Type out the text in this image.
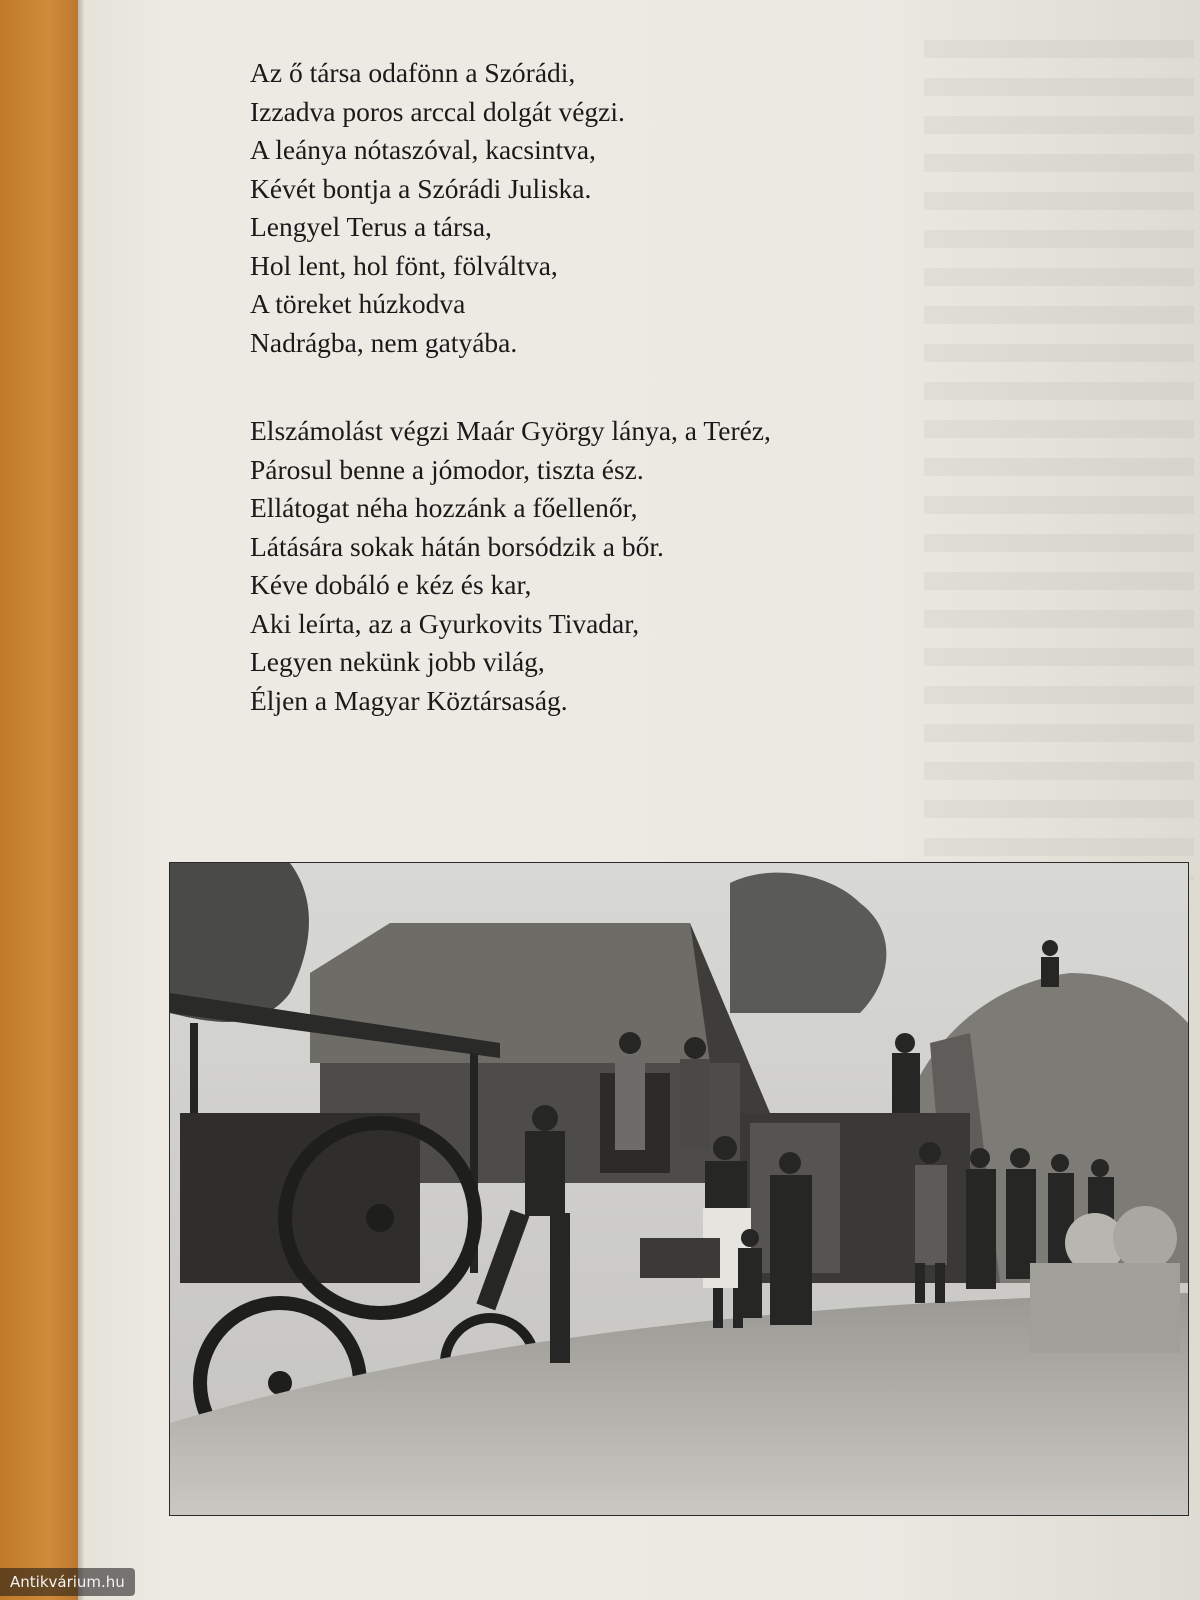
Az ő társa odafönn a Szórádi,
Izzadva poros arccal dolgát végzi.
A leánya nótaszóval, kacsintva,
Kévét bontja a Szórádi Juliska.
Lengyel Terus a társa,
Hol lent, hol fönt, fölváltva,
A töreket húzkodva
Nadrágba, nem gatyába.
Elszámolást végzi Maár György lánya, a Teréz,
Párosul benne a jómodor, tiszta ész.
Ellátogat néha hozzánk a főellenőr,
Látására sokak hátán borsódzik a bőr.
Kéve dobáló e kéz és kar,
Aki leírta, az a Gyurkovits Tivadar,
Legyen nekünk jobb világ,
Éljen a Magyar Köztársaság.
Antikvárium.hu
